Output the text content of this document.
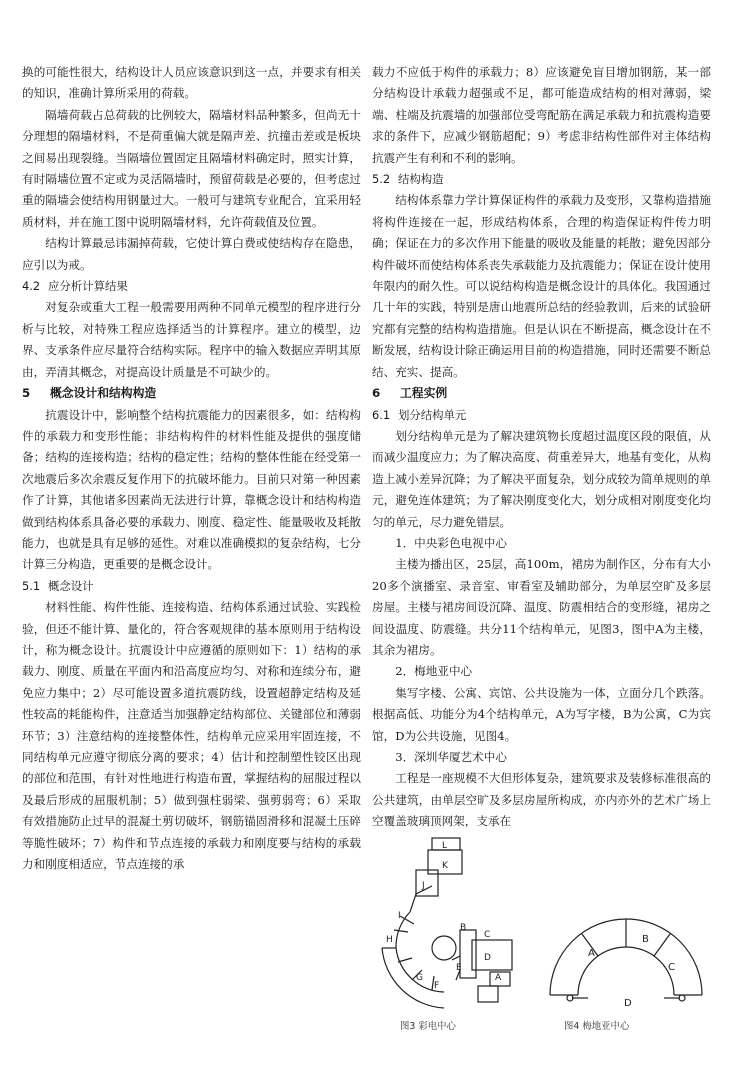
换的可能性很大，结构设计人员应该意识到这一点，并要求有相关的知识，准确计算所采用的荷载。

隔墙荷载占总荷载的比例较大，隔墙材料品种繁多，但尚无十分理想的隔墙材料，不是荷重偏大就是隔声差、抗撞击差或是板块之间易出现裂缝。当隔墙位置固定且隔墙材料确定时，照实计算，有时隔墙位置不定或为灵活隔墙时，预留荷载是必要的，但考虑过重的隔墙会使结构用钢量过大。一般可与建筑专业配合，宜采用轻质材料，并在施工图中说明隔墙材料，允许荷载值及位置。

结构计算最忌讳漏掉荷载，它使计算白费或使结构存在隐患，应引以为戒。

4.2 应分析计算结果

对复杂或重大工程一般需要用两种不同单元模型的程序进行分析与比较，对特殊工程应选择适当的计算程序。建立的模型，边界、支承条件应尽量符合结构实际。程序中的输入数据应弄明其原由，弄清其概念，对提高设计质量是不可缺少的。

5 概念设计和结构构造

抗震设计中，影响整个结构抗震能力的因素很多，如：结构构件的承载力和变形性能；非结构构件的材料性能及提供的强度储备；结构的连接构造；结构的稳定性；结构的整体性能在经受第一次地震后多次余震反复作用下的抗破坏能力。目前只对第一种因素作了计算，其他诸多因素尚无法进行计算，靠概念设计和结构构造做到结构体系具备必要的承载力、刚度、稳定性、能量吸收及耗散能力，也就是具有足够的延性。对难以准确模拟的复杂结构，七分计算三分构造，更重要的是概念设计。

5.1 概念设计

材料性能、构件性能、连接构造、结构体系通过试验、实践检验，但还不能计算、量化的，符合客观规律的基本原则用于结构设计，称为概念设计。抗震设计中应遵循的原则如下：1）结构的承载力、刚度、质量在平面内和沿高度应均匀、对称和连续分布，避免应力集中；2）尽可能设置多道抗震防线，设置超静定结构及延性较高的耗能构件，注意适当加强静定结构部位、关键部位和薄弱环节；3）注意结构的连接整体性，结构单元应采用牢固连接，不同结构单元应遵守彻底分离的要求；4）估计和控制塑性铰区出现的部位和范围，有针对性地进行构造布置，掌握结构的屈服过程以及最后形成的屈服机制；5）做到强柱弱梁、强剪弱弯；6）采取有效措施防止过早的混凝土剪切破坏，钢筋锚固滑移和混凝土压碎等脆性破坏；7）构件和节点连接的承载力和刚度要与结构的承载力和刚度相适应，节点连接的承

载力不应低于构件的承载力；8）应该避免盲目增加钢筋，某一部分结构设计承载力超强或不足，都可能造成结构的相对薄弱，梁端、柱端及抗震墙的加强部位受弯配筋在满足承载力和抗震构造要求的条件下，应减少钢筋超配；9）考虑非结构性部件对主体结构抗震产生有利和不利的影响。

5.2 结构构造

结构体系靠力学计算保证构件的承载力及变形，又靠构造措施将构件连接在一起，形成结构体系，合理的构造保证构件传力明确；保证在力的多次作用下能量的吸收及能量的耗散；避免因部分构件破坏而使结构体系丧失承载能力及抗震能力；保证在设计使用年限内的耐久性。可以说结构构造是概念设计的具体化。我国通过几十年的实践，特别是唐山地震所总结的经验教训，后来的试验研究都有完整的结构构造措施。但是认识在不断提高，概念设计在不断发展，结构设计除正确运用目前的构造措施，同时还需要不断总结、充实、提高。

6 工程实例

6.1 划分结构单元

划分结构单元是为了解决建筑物长度超过温度区段的限值，从而减少温度应力；为了解决高度、荷重差异大，地基有变化，从构造上减小差异沉降；为了解决平面复杂，划分成较为简单规则的单元，避免连体建筑；为了解决刚度变化大，划分成相对刚度变化均匀的单元，尽力避免错层。

1．中央彩色电视中心

主楼为播出区，25层，高100m，裙房为制作区，分布有大小20多个演播室、录音室、审看室及辅助部分，为单层空旷及多层房屋。主楼与裙房间设沉降、温度、防震相结合的变形缝，裙房之间设温度、防震缝。共分11个结构单元，见图3，图中A为主楼，其余为裙房。

2．梅地亚中心

集写字楼、公寓、宾馆、公共设施为一体，立面分几个跌落。根据高低、功能分为4个结构单元，A为写字楼，B为公寓，C为宾馆，D为公共设施，见图4。

3．深圳华厦艺术中心

工程是一座规模不大但形体复杂，建筑要求及装修标准很高的公共建筑，由单层空旷及多层房屋所构成，亦内亦外的艺术广场上空覆盖玻璃顶网架，支承在

A
B
C
D
E
F
G
H
I
J
K
L
图3 彩电中心
A
B
C
D
图4 梅地亚中心
